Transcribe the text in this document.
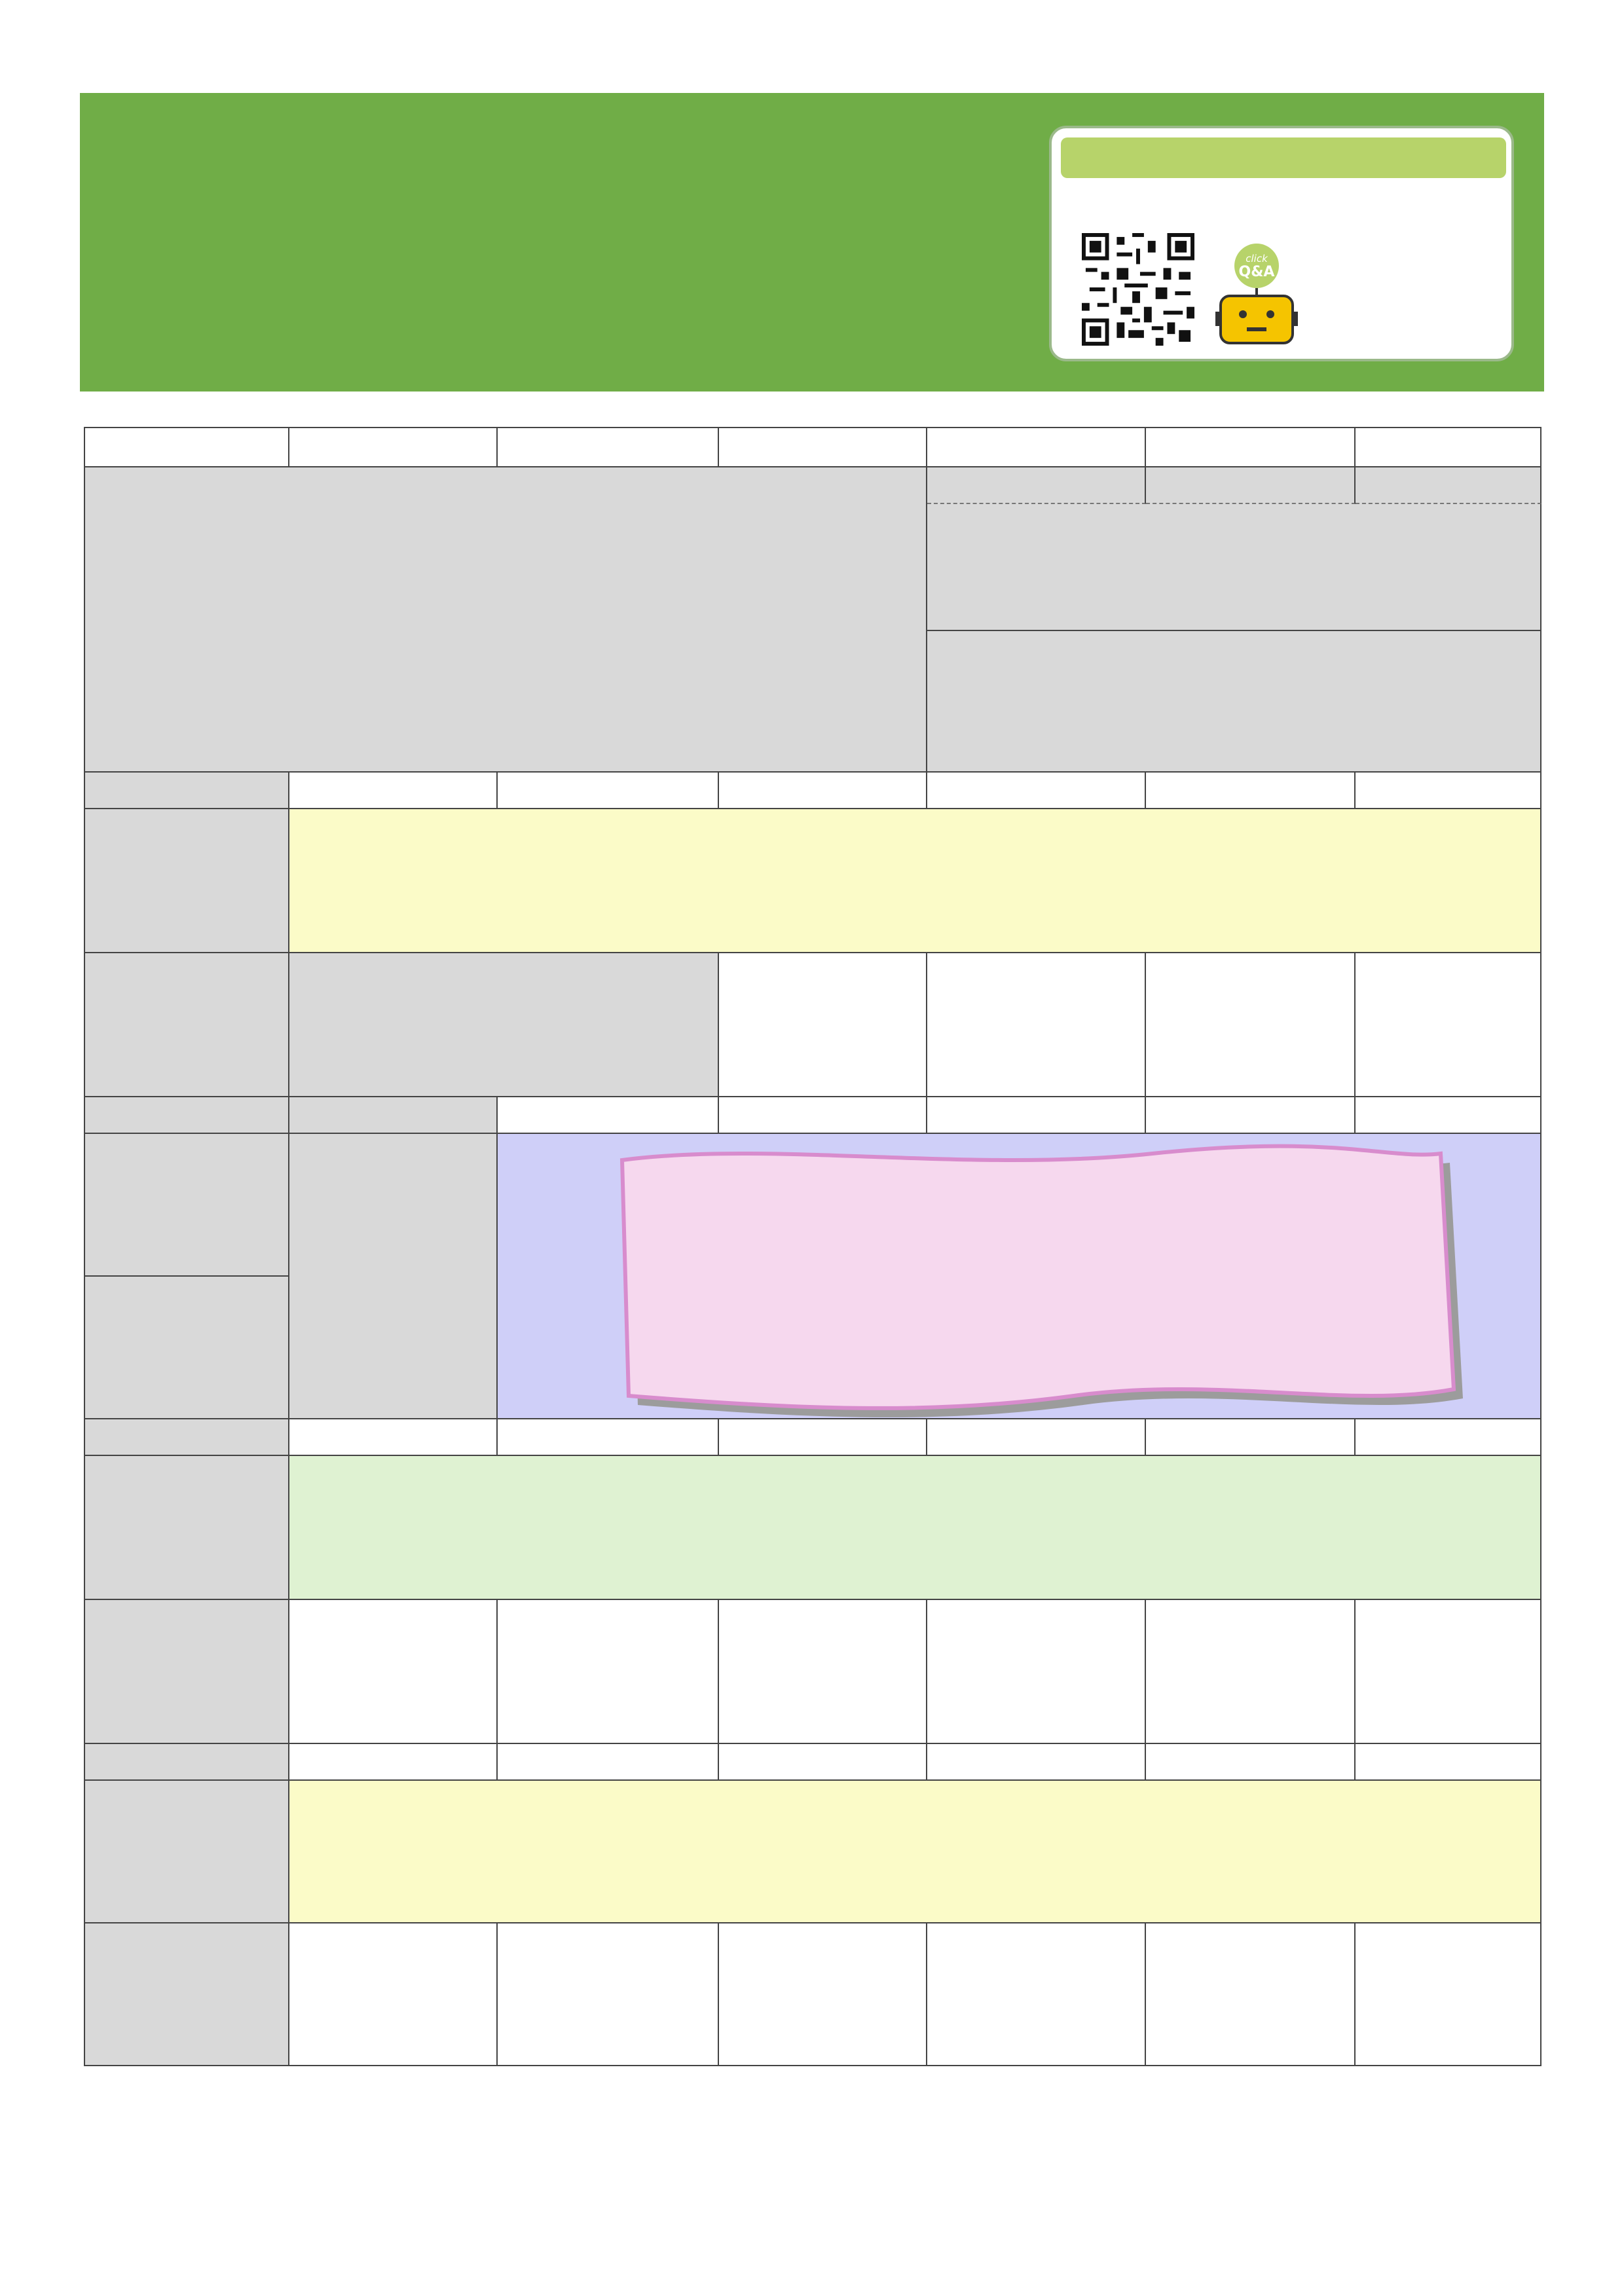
click
Q&A
